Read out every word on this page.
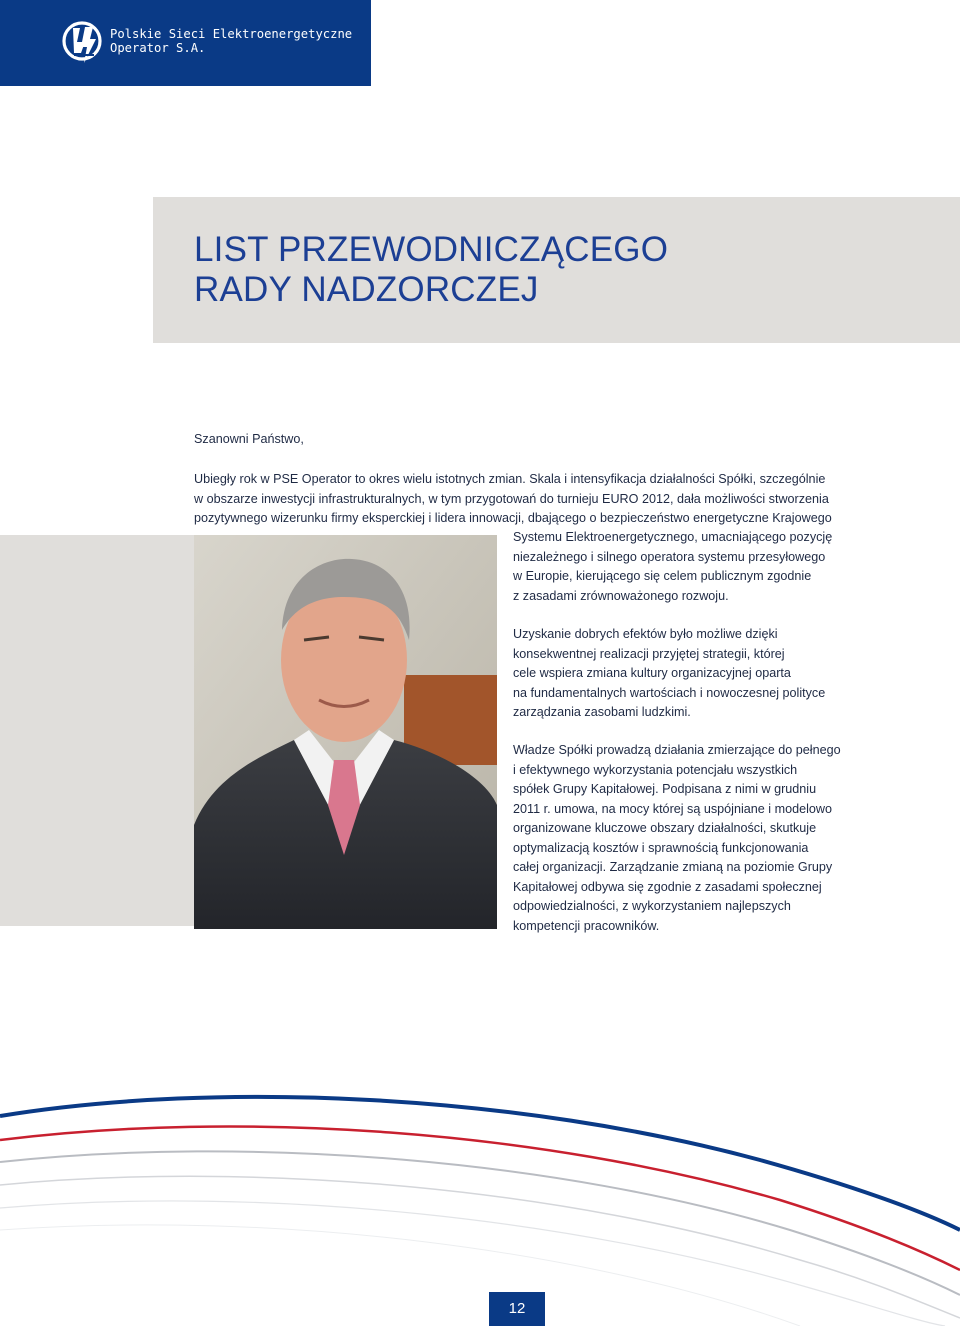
Polskie Sieci Elektroenergetyczne
Operator S.A.
LIST PRZEWODNICZĄCEGO
RADY NADZORCZEJ

Szanowni Państwo,

Ubiegły rok w PSE Operator to okres wielu istotnych zmian. Skala i intensyfikacja działalności Spółki, szczególnie
w obszarze inwestycji infrastrukturalnych, w tym przygotowań do turnieju EURO 2012, dała możliwości stworzenia
pozytywnego wizerunku firmy eksperckiej i lidera innowacji, dbającego o bezpieczeństwo energetyczne Krajowego
Systemu Elektroenergetycznego, umacniającego pozycję
niezależnego i silnego operatora systemu przesyłowego
w Europie, kierującego się celem publicznym zgodnie
z zasadami zrównoważonego rozwoju.
Uzyskanie dobrych efektów było możliwe dzięki
konsekwentnej realizacji przyjętej strategii, której
cele wspiera zmiana kultury organizacyjnej oparta
na fundamentalnych wartościach i nowoczesnej polityce
zarządzania zasobami ludzkimi.
Władze Spółki prowadzą działania zmierzające do pełnego
i efektywnego wykorzystania potencjału wszystkich
spółek Grupy Kapitałowej. Podpisana z nimi w grudniu
2011 r. umowa, na mocy której są uspójniane i modelowo
organizowane kluczowe obszary działalności, skutkuje
optymalizacją kosztów i sprawnością funkcjonowania
całej organizacji. Zarządzanie zmianą na poziomie Grupy
Kapitałowej odbywa się zgodnie z zasadami społecznej
odpowiedzialności, z wykorzystaniem najlepszych
kompetencji pracowników.
12
